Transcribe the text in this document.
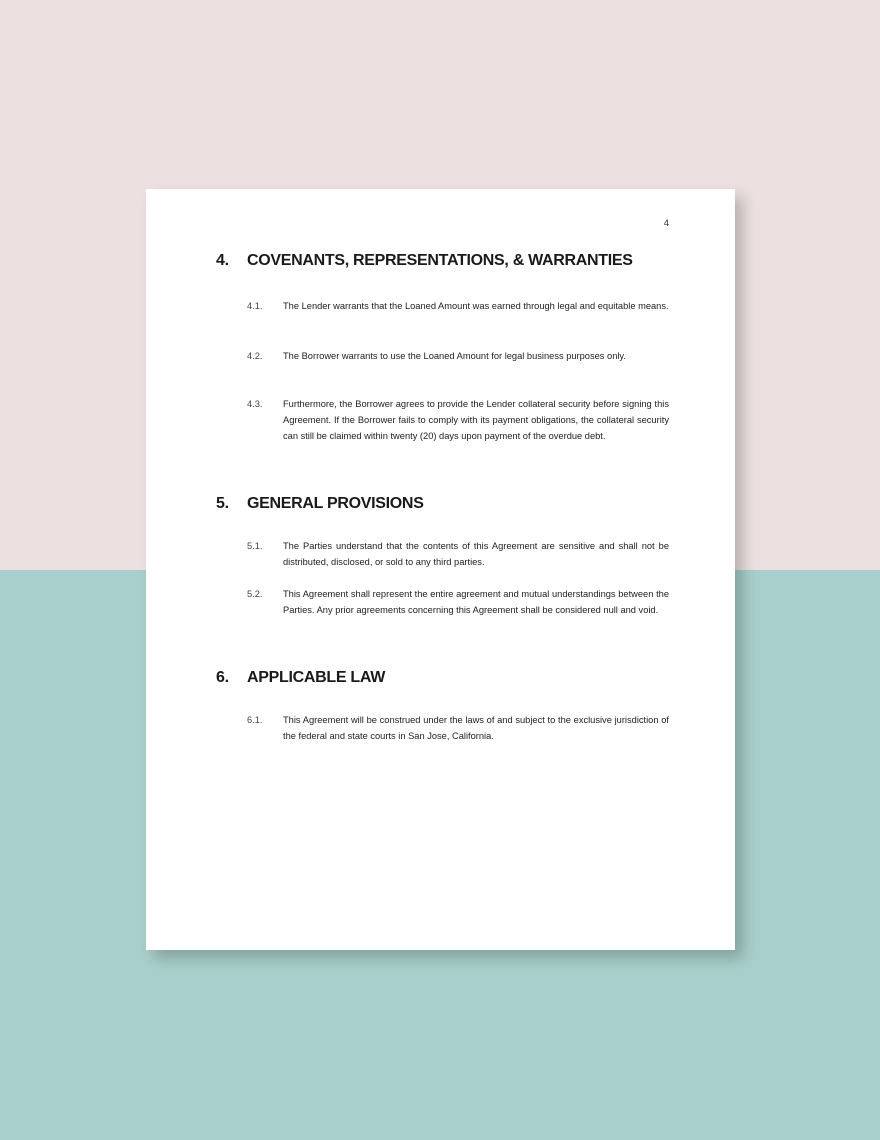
4
4. COVENANTS, REPRESENTATIONS, & WARRANTIES
4.1. The Lender warrants that the Loaned Amount was earned through legal and equitable means.
4.2. The Borrower warrants to use the Loaned Amount for legal business purposes only.
4.3. Furthermore, the Borrower agrees to provide the Lender collateral security before signing this Agreement. If the Borrower fails to comply with its payment obligations, the collateral security can still be claimed within twenty (20) days upon payment of the overdue debt.
5. GENERAL PROVISIONS
5.1. The Parties understand that the contents of this Agreement are sensitive and shall not be distributed, disclosed, or sold to any third parties.
5.2. This Agreement shall represent the entire agreement and mutual understandings between the Parties. Any prior agreements concerning this Agreement shall be considered null and void.
6. APPLICABLE LAW
6.1. This Agreement will be construed under the laws of and subject to the exclusive jurisdiction of the federal and state courts in San Jose, California.
